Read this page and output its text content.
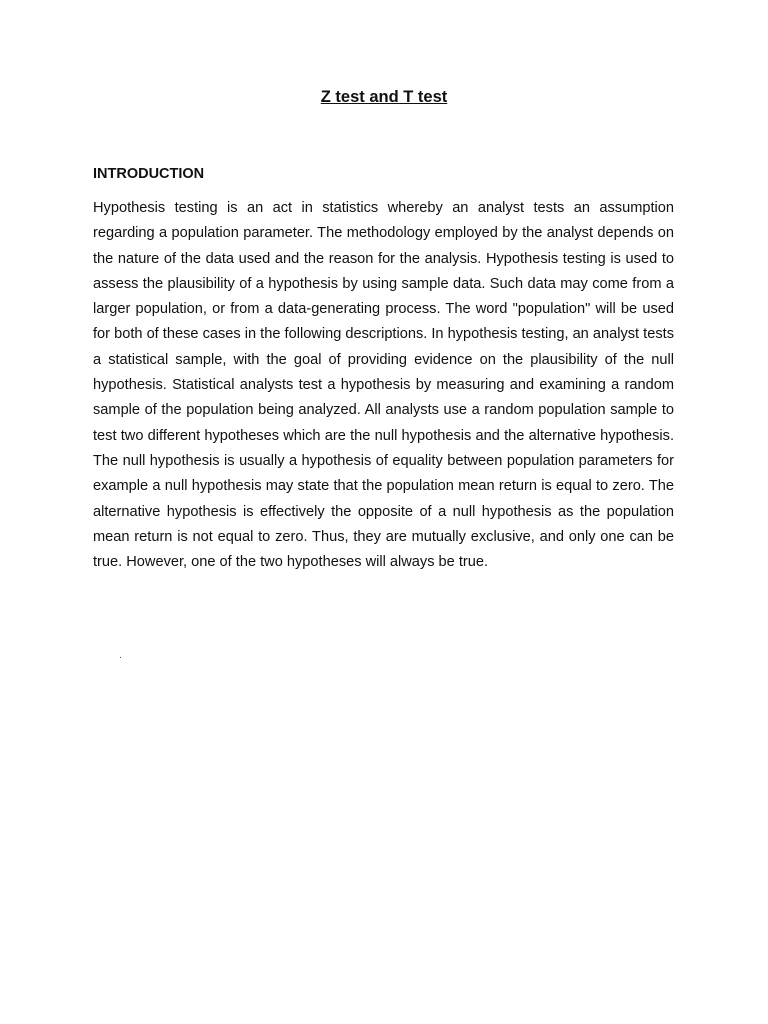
Z test and T test
INTRODUCTION

Hypothesis testing is an act in statistics whereby an analyst tests an assumption regarding a population parameter. The methodology employed by the analyst depends on the nature of the data used and the reason for the analysis. Hypothesis testing is used to assess the plausibility of a hypothesis by using sample data. Such data may come from a larger population, or from a data-generating process. The word "population" will be used for both of these cases in the following descriptions. In hypothesis testing, an analyst tests a statistical sample, with the goal of providing evidence on the plausibility of the null hypothesis. Statistical analysts test a hypothesis by measuring and examining a random sample of the population being analyzed. All analysts use a random population sample to test two different hypotheses which are the null hypothesis and the alternative hypothesis. The null hypothesis is usually a hypothesis of equality between population parameters for example a null hypothesis may state that the population mean return is equal to zero. The alternative hypothesis is effectively the opposite of a null hypothesis as the population mean return is not equal to zero. Thus, they are mutually exclusive, and only one can be true. However, one of the two hypotheses will always be true.

.
